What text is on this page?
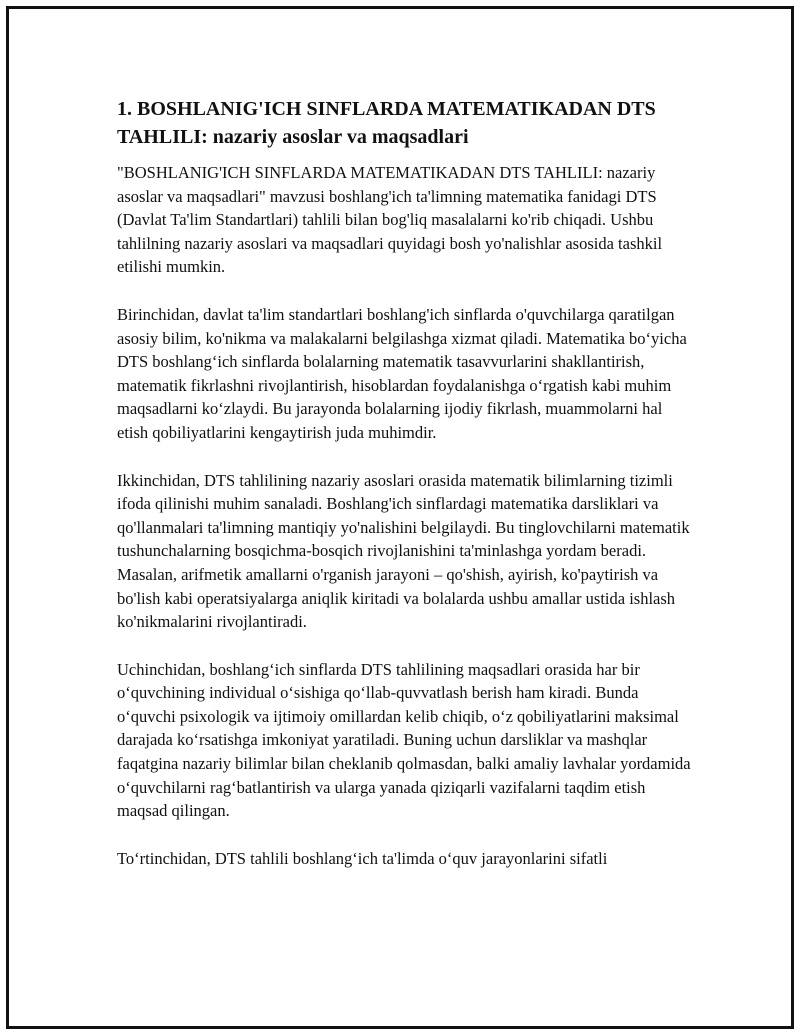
1. BOSHLANIG'ICH SINFLARDA MATEMATIKADAN DTS TAHLILI: nazariy asoslar va maqsadlari

"BOSHLANIG'ICH SINFLARDA MATEMATIKADAN DTS TAHLILI: nazariy asoslar va maqsadlari" mavzusi boshlang'ich ta'limning matematika fanidagi DTS (Davlat Ta'lim Standartlari) tahlili bilan bog'liq masalalarni ko'rib chiqadi. Ushbu tahlilning nazariy asoslari va maqsadlari quyidagi bosh yo'nalishlar asosida tashkil etilishi mumkin.

Birinchidan, davlat ta'lim standartlari boshlang'ich sinflarda o'quvchilarga qaratilgan asosiy bilim, ko'nikma va malakalarni belgilashga xizmat qiladi. Matematika bo‘yicha DTS boshlang‘ich sinflarda bolalarning matematik tasavvurlarini shakllantirish, matematik fikrlashni rivojlantirish, hisoblardan foydalanishga o‘rgatish kabi muhim maqsadlarni ko‘zlaydi. Bu jarayonda bolalarning ijodiy fikrlash, muammolarni hal etish qobiliyatlarini kengaytirish juda muhimdir.

Ikkinchidan, DTS tahlilining nazariy asoslari orasida matematik bilimlarning tizimli ifoda qilinishi muhim sanaladi. Boshlang'ich sinflardagi matematika darsliklari va qo'llanmalari ta'limning mantiqiy yo'nalishini belgilaydi. Bu tinglovchilarni matematik tushunchalarning bosqichma-bosqich rivojlanishini ta'minlashga yordam beradi. Masalan, arifmetik amallarni o'rganish jarayoni – qo'shish, ayirish, ko'paytirish va bo'lish kabi operatsiyalarga aniqlik kiritadi va bolalarda ushbu amallar ustida ishlash ko'nikmalarini rivojlantiradi.

Uchinchidan, boshlang‘ich sinflarda DTS tahlilining maqsadlari orasida har bir o‘quvchining individual o‘sishiga qo‘llab-quvvatlash berish ham kiradi. Bunda o‘quvchi psixologik va ijtimoiy omillardan kelib chiqib, o‘z qobiliyatlarini maksimal darajada ko‘rsatishga imkoniyat yaratiladi. Buning uchun darsliklar va mashqlar faqatgina nazariy bilimlar bilan cheklanib qolmasdan, balki amaliy lavhalar yordamida o‘quvchilarni rag‘batlantirish va ularga yanada qiziqarli vazifalarni taqdim etish maqsad qilingan.

To‘rtinchidan, DTS tahlili boshlang‘ich ta'limda o‘quv jarayonlarini sifatli
